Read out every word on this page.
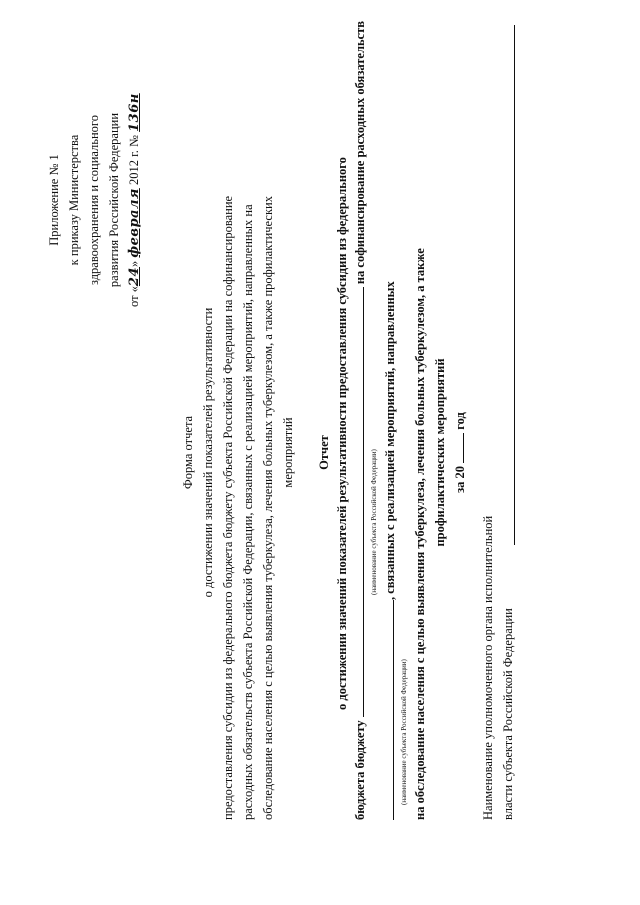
Приложение № 1 к приказу Министерства здравоохранения и социального развития Российской Федерации
от «24» февраля 2012 г. № 136н
Форма отчета о достижении значений показателей результативности предоставления субсидии из федерального бюджета бюджету субъекта Российской Федерации на софинансирование расходных обязательств субъекта Российской Федерации, связанных с реализацией мероприятий, направленных на обследование населения с целью выявления туберкулеза, лечения больных туберкулезом, а также профилактических мероприятий Отчет о достижении значений показателей результативности предоставления субсидии из федерального
бюджета бюджету  на софинансирование расходных обязательств
(наименование субъекта Российской Федерации) , связанных с реализацией мероприятий, направленных
(наименование субъекта Российской Федерации) на обследование населения с целью выявления туберкулеза, лечения больных туберкулезом, а также профилактических мероприятий за 20  год
Наименование уполномоченного органа исполнительной власти субъекта Российской Федерации
